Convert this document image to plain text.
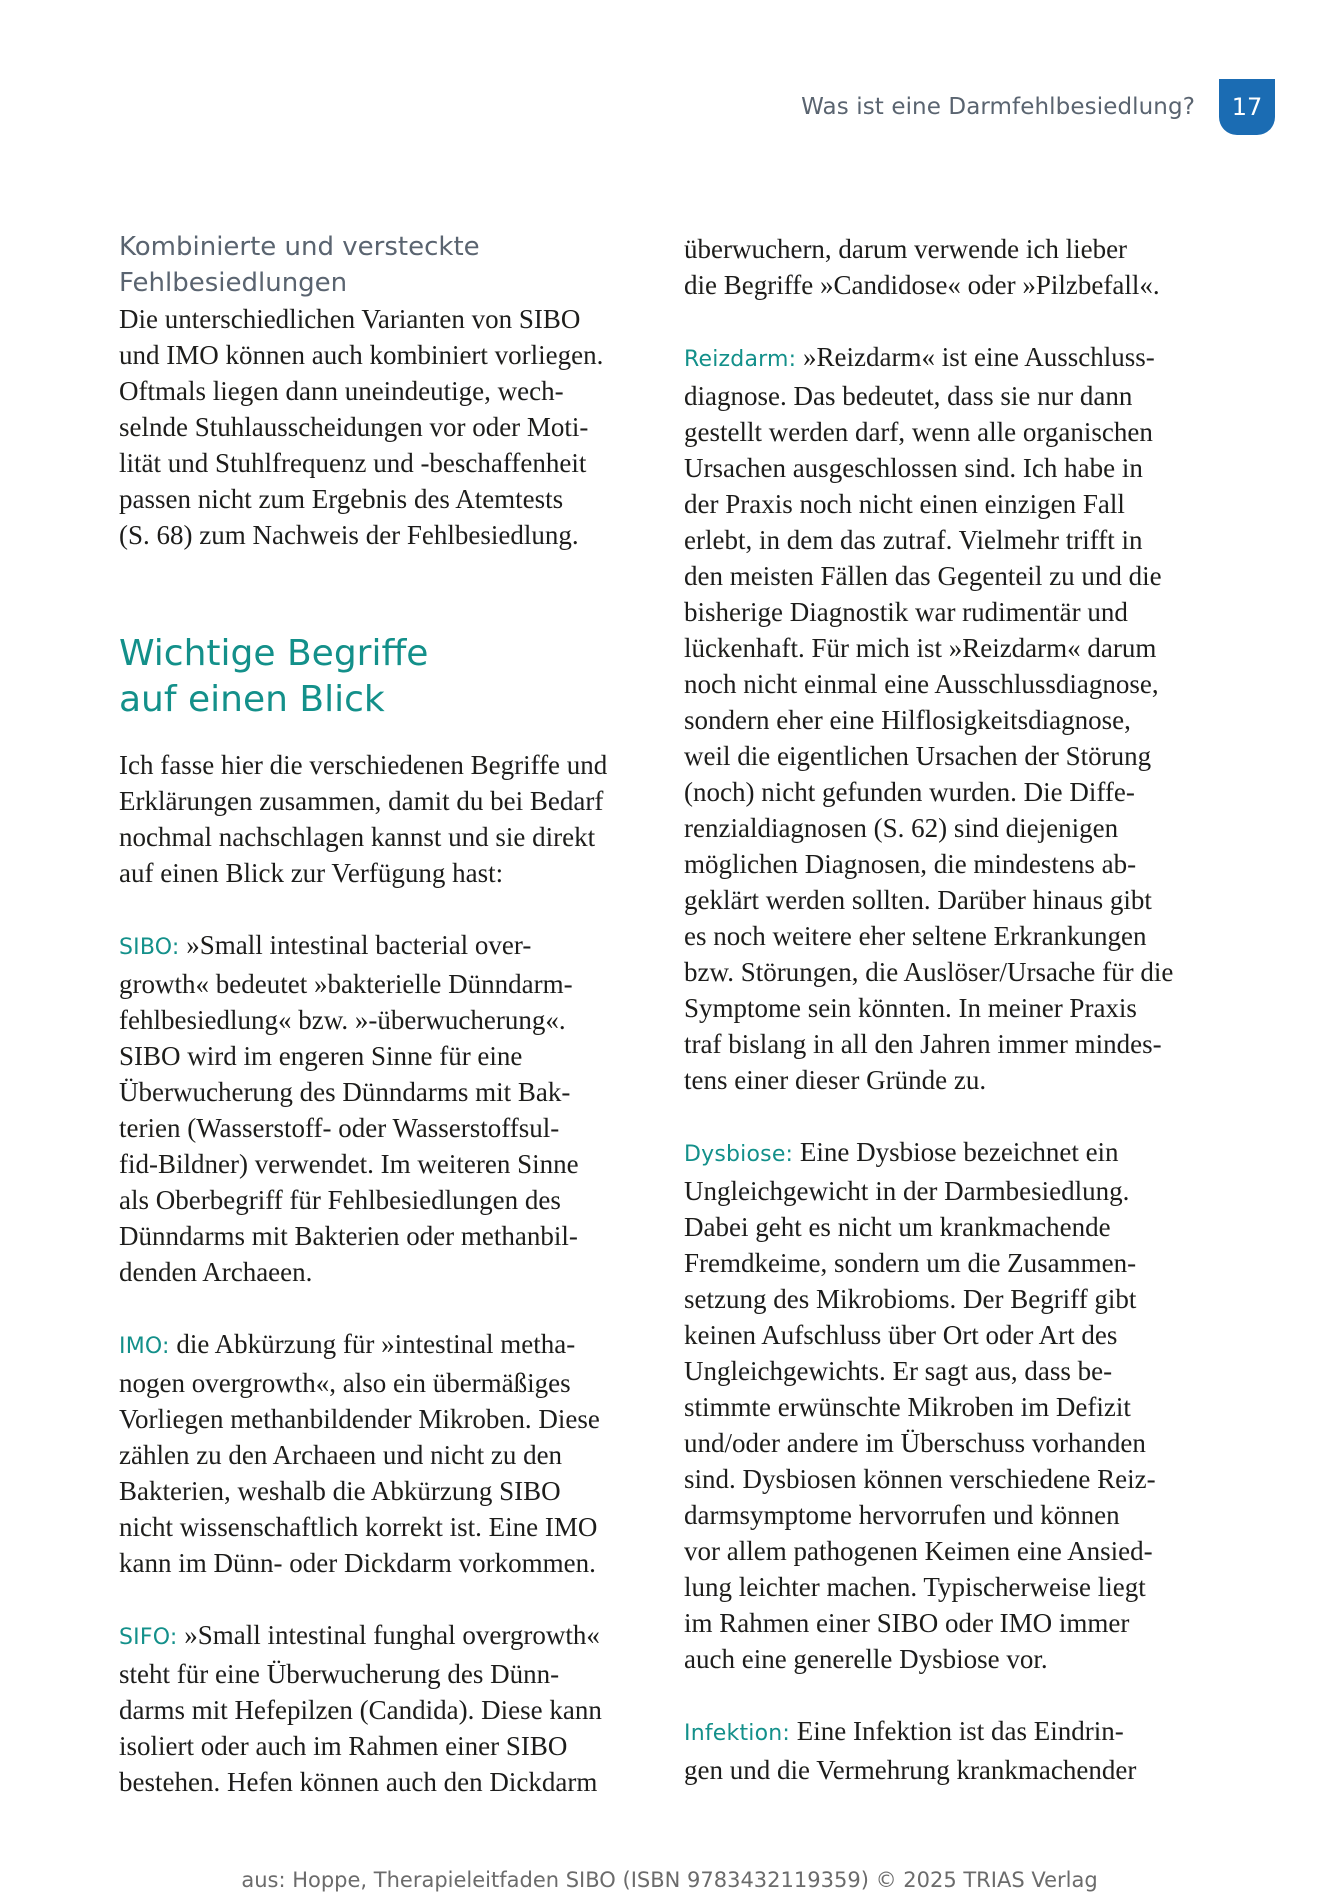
Was ist eine Darmfehlbesiedlung?	17
Kombinierte und versteckte
Fehlbesiedlungen
Die unterschiedlichen Varianten von SIBO
und IMO können auch kombiniert vorliegen.
Oftmals liegen dann uneindeutige, wech-
selnde Stuhlausscheidungen vor oder Moti-
lität und Stuhlfrequenz und -beschaffenheit
passen nicht zum Ergebnis des Atemtests
(S. 68) zum Nachweis der Fehlbesiedlung.
Wichtige Begriffe
auf einen Blick
Ich fasse hier die verschiedenen Begriffe und
Erklärungen zusammen, damit du bei Bedarf
nochmal nachschlagen kannst und sie direkt
auf einen Blick zur Verfügung hast:
SIBO: »Small intestinal bacterial over-
growth« bedeutet »bakterielle Dünndarm-
fehlbesiedlung« bzw. »-überwucherung«.
SIBO wird im engeren Sinne für eine
Überwucherung des Dünndarms mit Bak-
terien (Wasserstoff- oder Wasserstoffsul-
fid-Bildner) verwendet. Im weiteren Sinne
als Oberbegriff für Fehlbesiedlungen des
Dünndarms mit Bakterien oder methanbil-
denden Archaeen.
IMO: die Abkürzung für »intestinal metha-
nogen overgrowth«, also ein übermäßiges
Vorliegen methanbildender Mikroben. Diese
zählen zu den Archaeen und nicht zu den
Bakterien, weshalb die Abkürzung SIBO
nicht wissenschaftlich korrekt ist. Eine IMO
kann im Dünn- oder Dickdarm vorkommen.
SIFO: »Small intestinal funghal overgrowth«
steht für eine Überwucherung des Dünn-
darms mit Hefepilzen (Candida). Diese kann
isoliert oder auch im Rahmen einer SIBO
bestehen. Hefen können auch den Dickdarm
überwuchern, darum verwende ich lieber
die Begriffe »Candidose« oder »Pilzbefall«.
Reizdarm: »Reizdarm« ist eine Ausschluss-
diagnose. Das bedeutet, dass sie nur dann
gestellt werden darf, wenn alle organischen
Ursachen ausgeschlossen sind. Ich habe in
der Praxis noch nicht einen einzigen Fall
erlebt, in dem das zutraf. Vielmehr trifft in
den meisten Fällen das Gegenteil zu und die
bisherige Diagnostik war rudimentär und
lückenhaft. Für mich ist »Reizdarm« darum
noch nicht einmal eine Ausschlussdiagnose,
sondern eher eine Hilflosigkeitsdiagnose,
weil die eigentlichen Ursachen der Störung
(noch) nicht gefunden wurden. Die Diffe-
renzialdiagnosen (S. 62) sind diejenigen
möglichen Diagnosen, die mindestens ab-
geklärt werden sollten. Darüber hinaus gibt
es noch weitere eher seltene Erkrankungen
bzw. Störungen, die Auslöser/Ursache für die
Symptome sein könnten. In meiner Praxis
traf bislang in all den Jahren immer mindes-
tens einer dieser Gründe zu.
Dysbiose: Eine Dysbiose bezeichnet ein
Ungleichgewicht in der Darmbesiedlung.
Dabei geht es nicht um krankmachende
Fremdkeime, sondern um die Zusammen-
setzung des Mikrobioms. Der Begriff gibt
keinen Aufschluss über Ort oder Art des
Ungleichgewichts. Er sagt aus, dass be-
stimmte erwünschte Mikroben im Defizit
und/oder andere im Überschuss vorhanden
sind. Dysbiosen können verschiedene Reiz-
darmsymptome hervorrufen und können
vor allem pathogenen Keimen eine Ansied-
lung leichter machen. Typischerweise liegt
im Rahmen einer SIBO oder IMO immer
auch eine generelle Dysbiose vor.
Infektion: Eine Infektion ist das Eindrin-
gen und die Vermehrung krankmachender
aus: Hoppe, Therapieleitfaden SIBO (ISBN 9783432119359) © 2025 TRIAS Verlag
